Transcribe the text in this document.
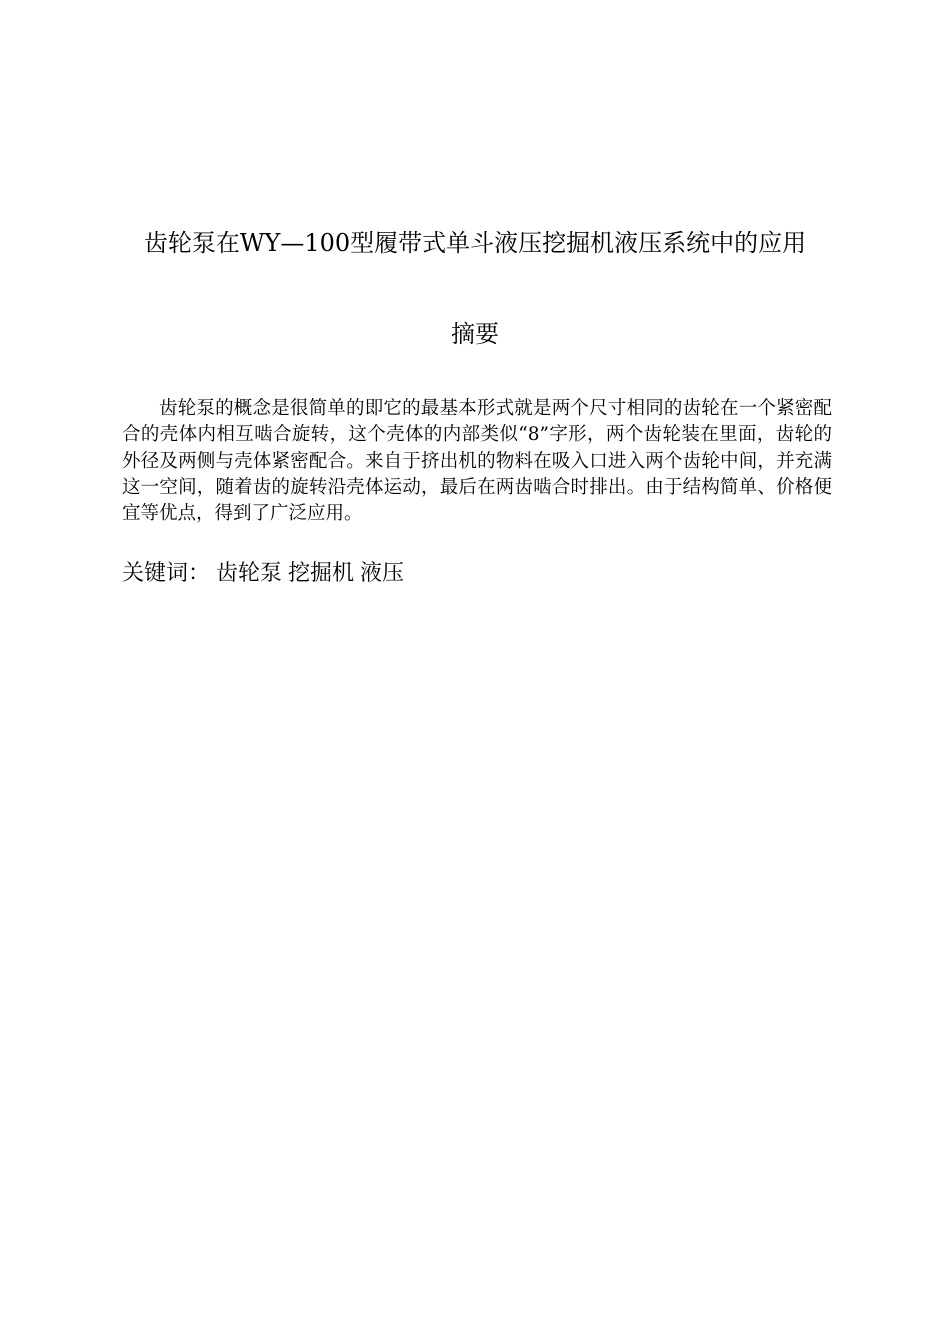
齿轮泵在WY—100型履带式单斗液压挖掘机液压系统中的应用
摘要

齿轮泵的概念是很简单的即它的最基本形式就是两个尺寸相同的齿轮在一个紧密配合的壳体内相互啮合旋转，这个壳体的内部类似“8”字形，两个齿轮装在里面，齿轮的外径及两侧与壳体紧密配合。来自于挤出机的物料在吸入口进入两个齿轮中间，并充满这一空间，随着齿的旋转沿壳体运动，最后在两齿啮合时排出。由于结构简单、价格便宜等优点，得到了广泛应用。

关键词： 齿轮泵 挖掘机 液压
